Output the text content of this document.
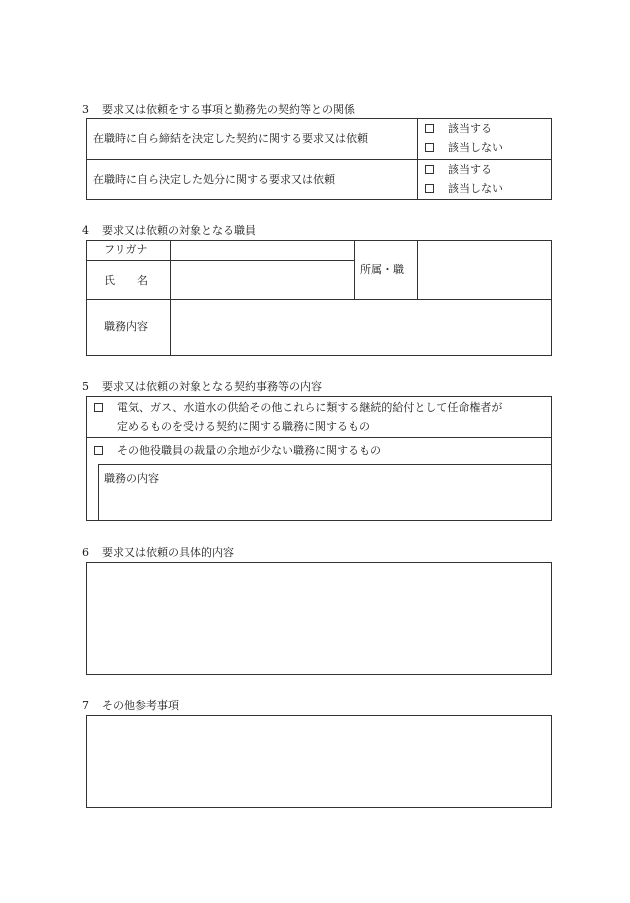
3 要求又は依頼をする事項と勤務先の契約等との関係
在職時に自ら締結を決定した契約に関する要求又は依頼
該当する
該当しない
在職時に自ら決定した処分に関する要求又は依頼
該当する
該当しない
4 要求又は依頼の対象となる職員
フリガナ
氏　　名
所属・職
職務内容
5 要求又は依頼の対象となる契約事務等の内容
電気、ガス、水道水の供給その他これらに類する継続的給付として任命権者が
定めるものを受ける契約に関する職務に関するもの
その他役職員の裁量の余地が少ない職務に関するもの
職務の内容
6 要求又は依頼の具体的内容
7 その他参考事項
